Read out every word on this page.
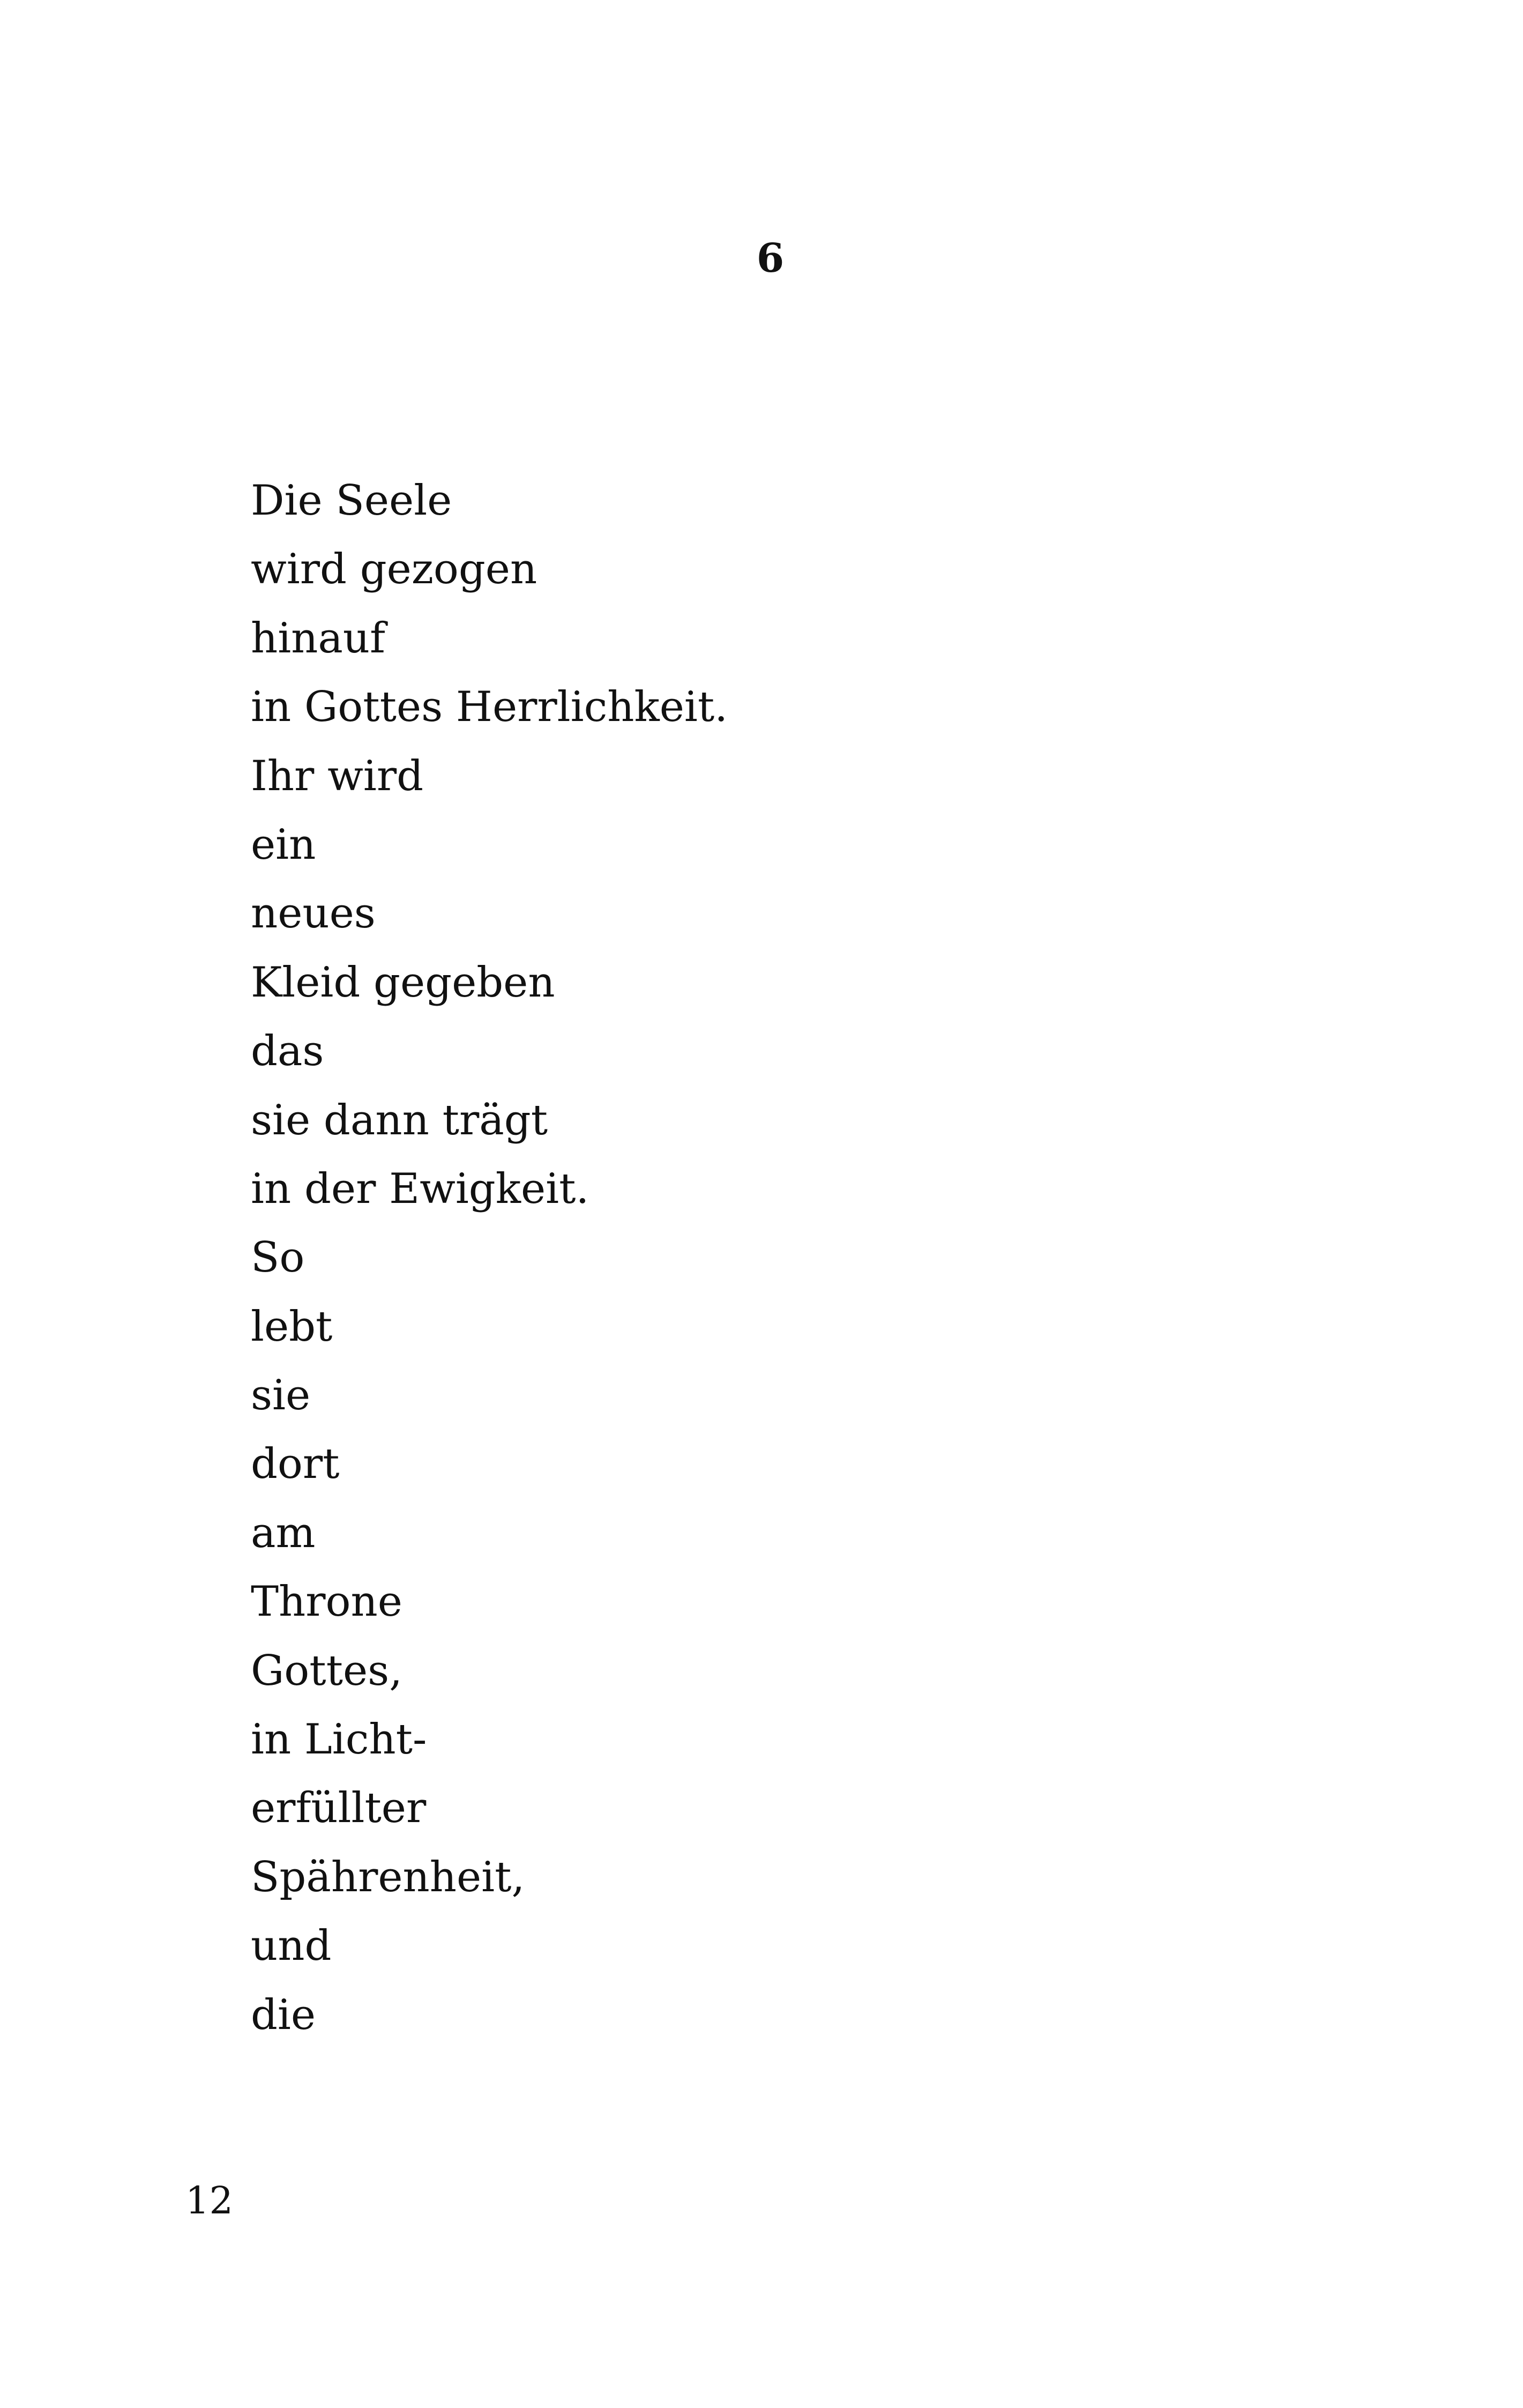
6
Die Seele
wird gezogen
hinauf
in Gottes Herrlichkeit.
Ihr wird
ein
neues
Kleid gegeben
das
sie dann trägt
in der Ewigkeit.
So
lebt
sie
dort
am
Throne
Gottes,
in Licht-
erfüllter
Spährenheit,
und
die
12
